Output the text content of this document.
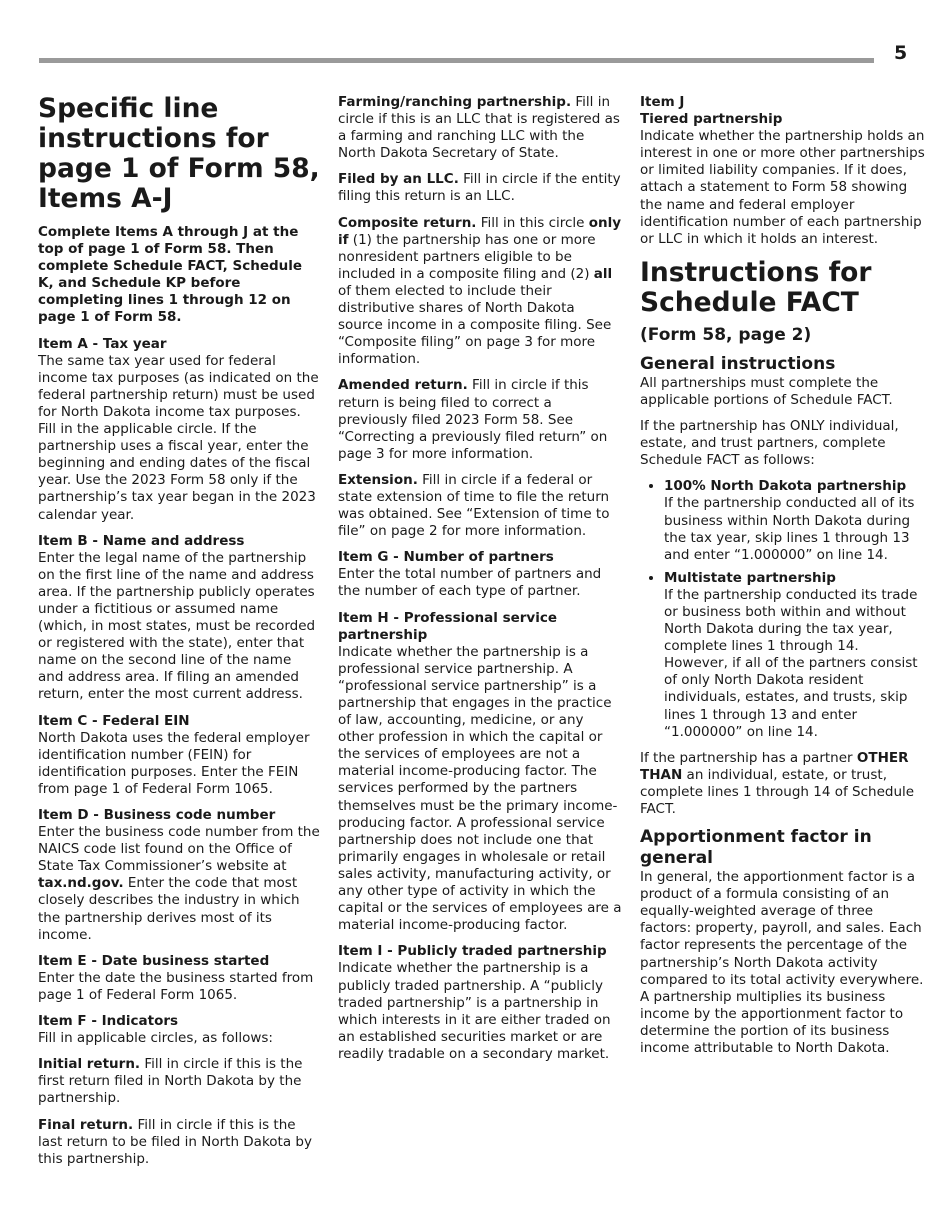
5
Specific line instructions for page 1 of Form 58, Items A-J

Complete Items A through J at the top of page 1 of Form 58. Then complete Schedule FACT, Schedule K, and Schedule KP before completing lines 1 through 12 on page 1 of Form 58.

Item A - Tax year
The same tax year used for federal income tax purposes (as indicated on the federal partnership return) must be used for North Dakota income tax purposes. Fill in the applicable circle. If the partnership uses a fiscal year, enter the beginning and ending dates of the fiscal year. Use the 2023 Form 58 only if the partnership’s tax year began in the 2023 calendar year.

Item B - Name and address
Enter the legal name of the partnership on the first line of the name and address area. If the partnership publicly operates under a fictitious or assumed name (which, in most states, must be recorded or registered with the state), enter that name on the second line of the name and address area. If filing an amended return, enter the most current address.

Item C - Federal EIN
North Dakota uses the federal employer identification number (FEIN) for identification purposes. Enter the FEIN from page 1 of Federal Form 1065.

Item D - Business code number
Enter the business code number from the NAICS code list found on the Office of State Tax Commissioner’s website at tax.nd.gov. Enter the code that most closely describes the industry in which the partnership derives most of its income.

Item E - Date business started
Enter the date the business started from page 1 of Federal Form 1065.

Item F - Indicators
Fill in applicable circles, as follows:

Initial return. Fill in circle if this is the first return filed in North Dakota by the partnership.

Final return. Fill in circle if this is the last return to be filed in North Dakota by this partnership.

Farming/ranching partnership. Fill in circle if this is an LLC that is registered as a farming and ranching LLC with the North Dakota Secretary of State.

Filed by an LLC. Fill in circle if the entity filing this return is an LLC.

Composite return. Fill in this circle only if (1) the partnership has one or more nonresident partners eligible to be included in a composite filing and (2) all of them elected to include their distributive shares of North Dakota source income in a composite filing. See “Composite filing” on page 3 for more information.

Amended return. Fill in circle if this return is being filed to correct a previously filed 2023 Form 58. See “Correcting a previously filed return” on page 3 for more information.

Extension. Fill in circle if a federal or state extension of time to file the return was obtained. See “Extension of time to file” on page 2 for more information.

Item G - Number of partners
Enter the total number of partners and the number of each type of partner.

Item H - Professional service partnership
Indicate whether the partnership is a professional service partnership. A “professional service partnership” is a partnership that engages in the practice of law, accounting, medicine, or any other profession in which the capital or the services of employees are not a material income-producing factor. The services performed by the partners themselves must be the primary income-producing factor. A professional service partnership does not include one that primarily engages in wholesale or retail sales activity, manufacturing activity, or any other type of activity in which the capital or the services of employees are a material income-producing factor.

Item I - Publicly traded partnership
Indicate whether the partnership is a publicly traded partnership. A “publicly traded partnership” is a partnership in which interests in it are either traded on an established securities market or are readily tradable on a secondary market.

Item J
Tiered partnership
Indicate whether the partnership holds an interest in one or more other partnerships or limited liability companies. If it does, attach a statement to Form 58 showing the name and federal employer identification number of each partnership or LLC in which it holds an interest.

Instructions for Schedule FACT
(Form 58, page 2)
General instructions

All partnerships must complete the applicable portions of Schedule FACT.

If the partnership has ONLY individual, estate, and trust partners, complete Schedule FACT as follows:

• 100% North Dakota partnership
If the partnership conducted all of its business within North Dakota during the tax year, skip lines 1 through 13 and enter “1.000000” on line 14.
• Multistate partnership
If the partnership conducted its trade or business both within and without North Dakota during the tax year, complete lines 1 through 14. However, if all of the partners consist of only North Dakota resident individuals, estates, and trusts, skip lines 1 through 13 and enter “1.000000” on line 14.

If the partnership has a partner OTHER THAN an individual, estate, or trust, complete lines 1 through 14 of Schedule FACT.

Apportionment factor in general

In general, the apportionment factor is a product of a formula consisting of an equally-weighted average of three factors: property, payroll, and sales. Each factor represents the percentage of the partnership’s North Dakota activity compared to its total activity everywhere. A partnership multiplies its business income by the apportionment factor to determine the portion of its business income attributable to North Dakota.
